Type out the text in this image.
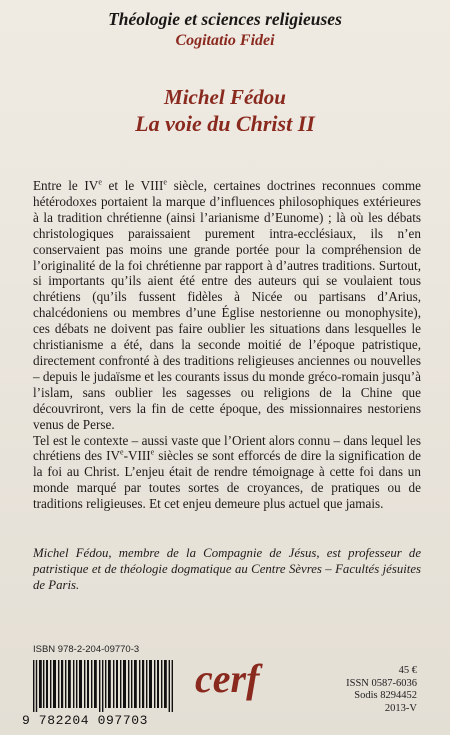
Théologie et sciences religieuses
Cogitatio Fidei
Michel Fédou
La voie du Christ II

Entre le IVe et le VIIIe siècle, certaines doctrines reconnues comme hétérodoxes portaient la marque d’influences philosophiques extérieures à la tradition chrétienne (ainsi l’arianisme d’Eunome) ; là où les débats christologiques paraissaient purement intra-ecclésiaux, ils n’en conservaient pas moins une grande portée pour la compréhension de l’originalité de la foi chrétienne par rapport à d’autres traditions. Surtout, si importants qu’ils aient été entre des auteurs qui se voulaient tous chrétiens (qu’ils fussent fidèles à Nicée ou partisans d’Arius, chalcédoniens ou membres d’une Église nestorienne ou monophysite), ces débats ne doivent pas faire oublier les situations dans lesquelles le christianisme a été, dans la seconde moitié de l’époque patristique, directement confronté à des traditions religieuses anciennes ou nouvelles – depuis le judaïsme et les courants issus du monde gréco-romain jusqu’à l’islam, sans oublier les sagesses ou religions de la Chine que découvriront, vers la fin de cette époque, des missionnaires nestoriens venus de Perse.

Tel est le contexte – aussi vaste que l’Orient alors connu – dans lequel les chrétiens des IVe-VIIIe siècles se sont efforcés de dire la signification de la foi au Christ. L’enjeu était de rendre témoignage à cette foi dans un monde marqué par toutes sortes de croyances, de pratiques ou de traditions religieuses. Et cet enjeu demeure plus actuel que jamais.

Michel Fédou, membre de la Compagnie de Jésus, est professeur de patristique et de théologie dogmatique au Centre Sèvres – Facultés jésuites de Paris.
ISBN 978-2-204-09770-3
9 782204 097703
cerf	45 €
ISSN 0587-6036
Sodis 8294452
2013-V
